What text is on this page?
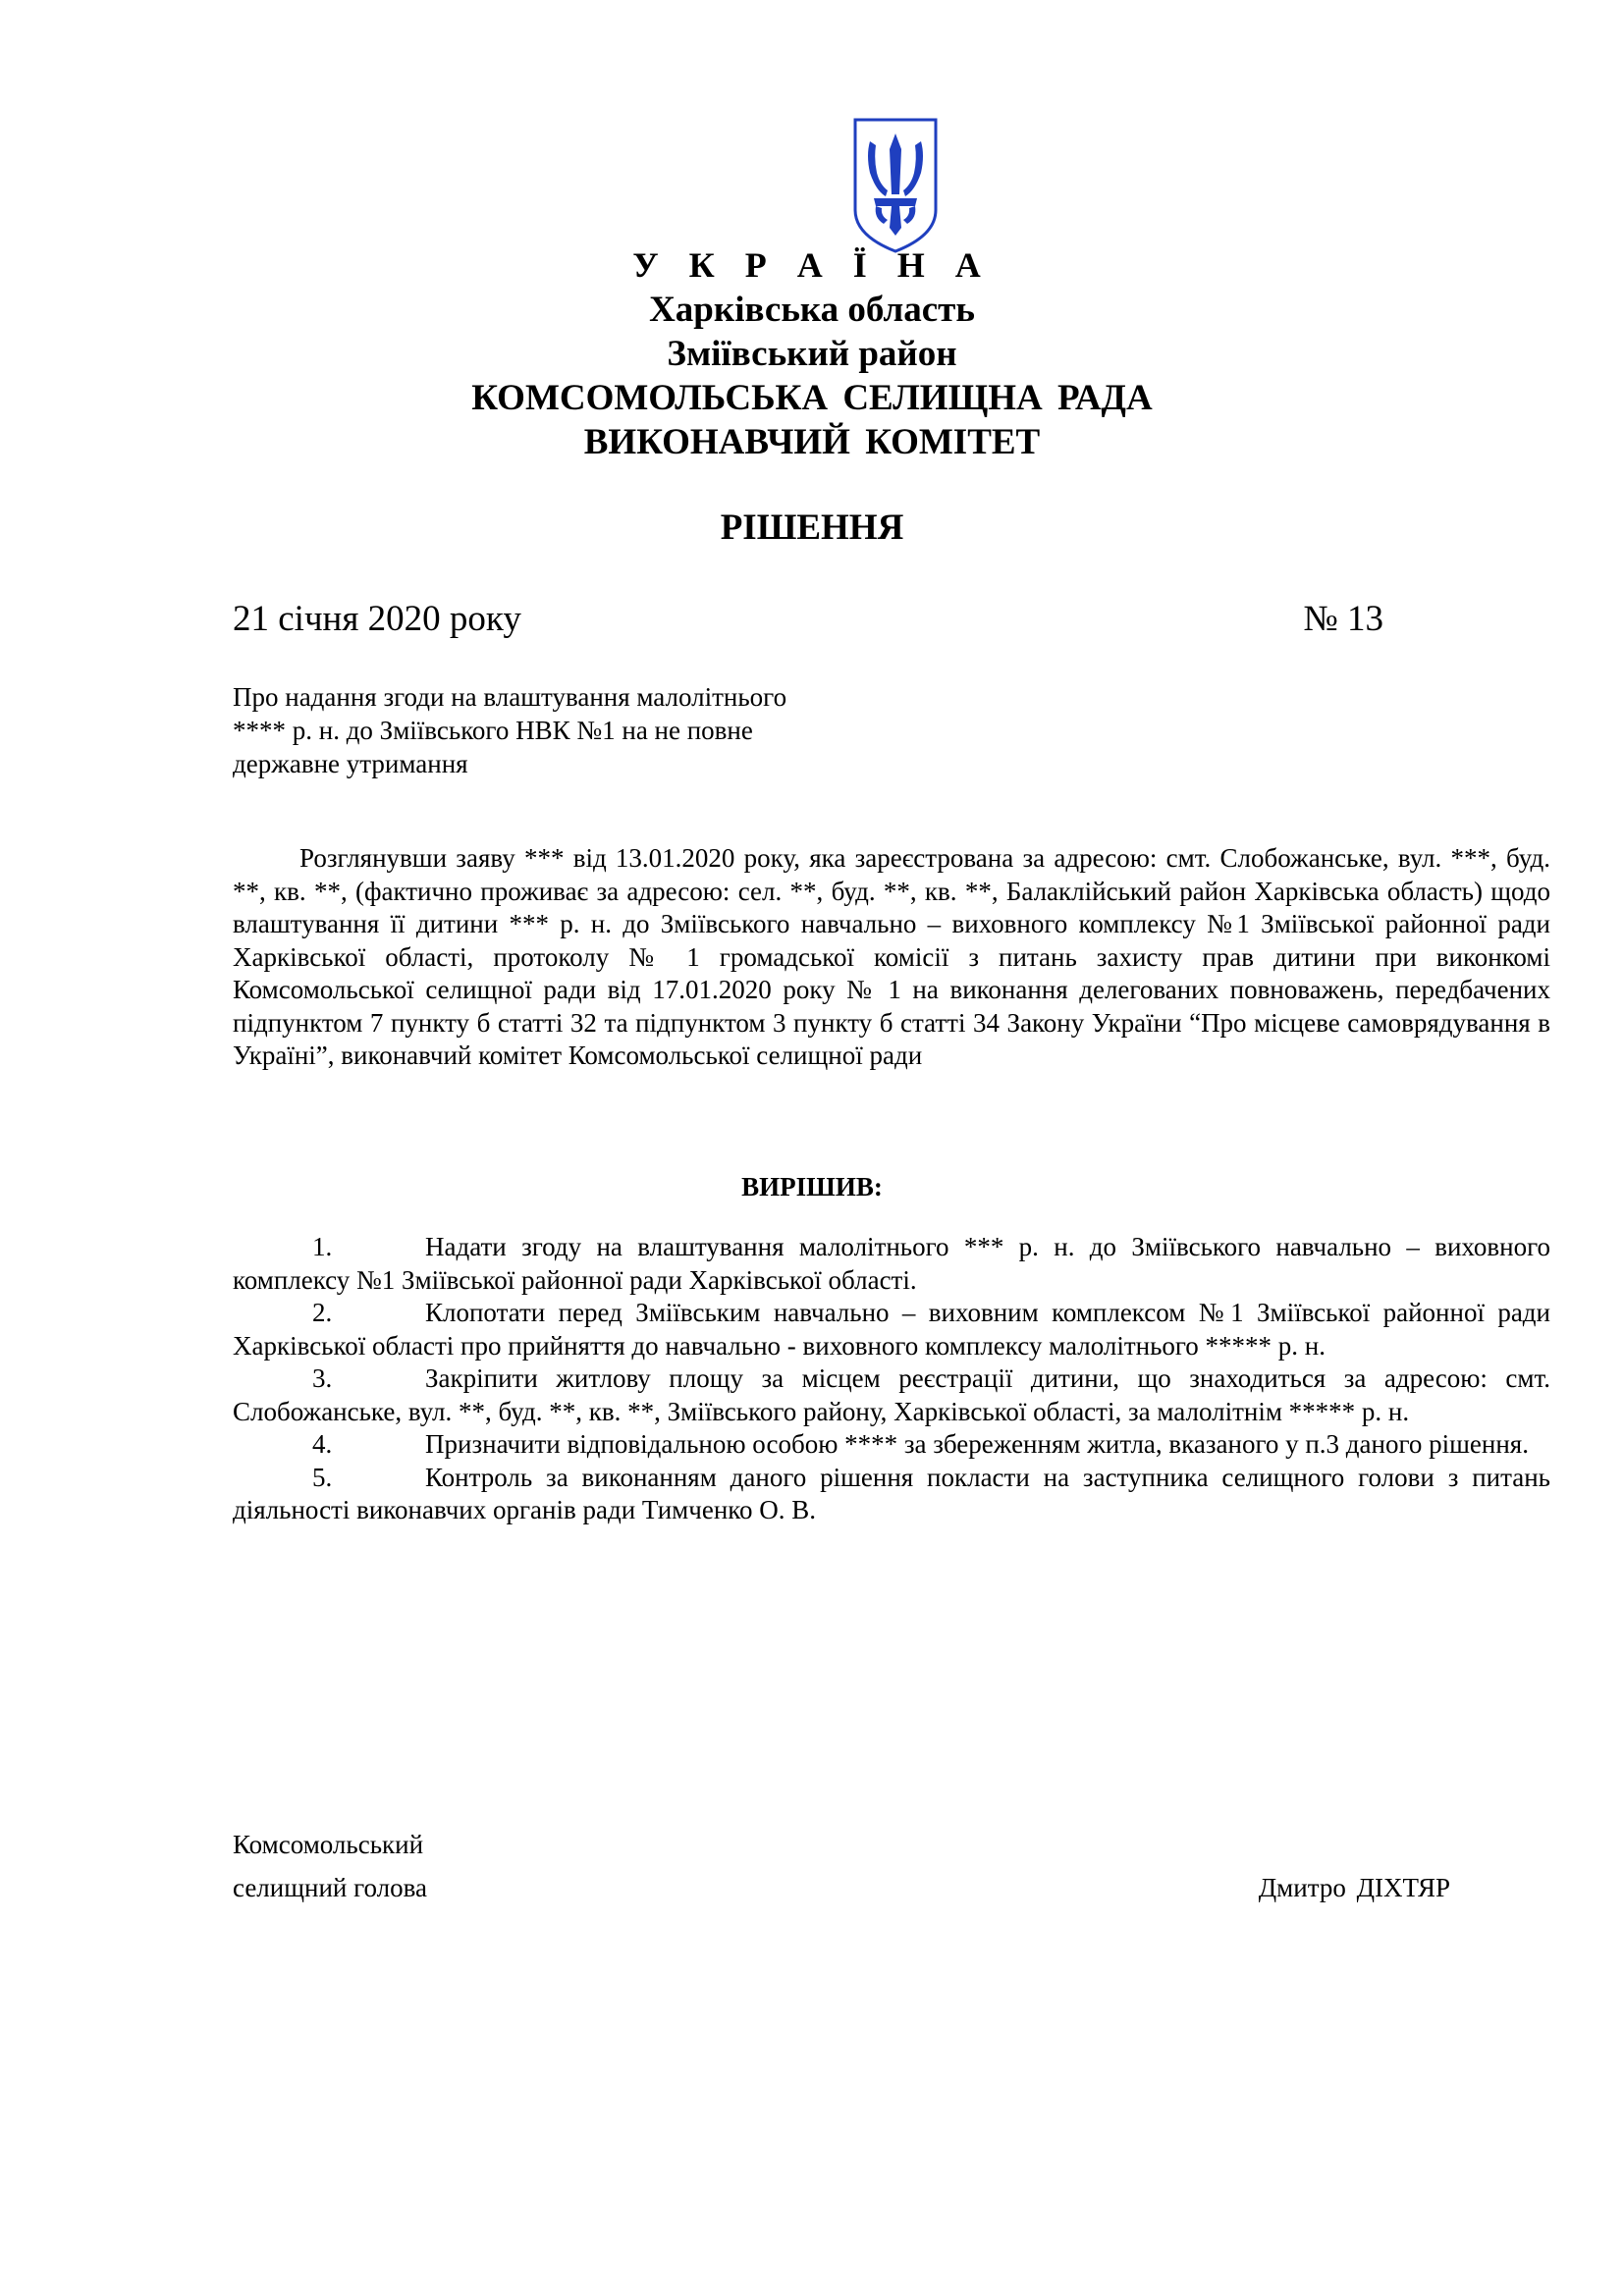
У К Р А Ї Н А
Харківська область
Зміївський район
КОМСОМОЛЬСЬКА СЕЛИЩНА РАДА
ВИКОНАВЧИЙ КОМІТЕТ
РІШЕННЯ
21 січня 2020 року	№ 13
Про надання згоди на влаштування малолітнього
**** р. н. до Зміївського НВК №1 на не повне
державне утримання
Розглянувши заяву *** від 13.01.2020 року, яка зареєстрована за адресою: смт. Слобожанське, вул. ***, буд. **, кв. **, (фактично проживає за адресою: сел. **, буд. **, кв. **, Балаклійський район Харківська область) щодо влаштування її дитини *** р. н. до Зміївського навчально – виховного комплексу №1 Зміївської районної ради Харківської області, протоколу № 1 громадської комісії з питань захисту прав дитини при виконкомі Комсомольської селищної ради від 17.01.2020 року № 1 на виконання делегованих повноважень, передбачених підпунктом 7 пункту б статті 32 та підпунктом 3 пункту б статті 34 Закону України “Про місцеве самоврядування в Україні”, виконавчий комітет Комсомольської селищної ради
ВИРІШИВ:
1.	Надати згоду на влаштування малолітнього *** р. н. до Зміївського навчально – виховного комплексу №1 Зміївської районної ради Харківської області.
2.	Клопотати перед Зміївським навчально – виховним комплексом №1 Зміївської районної ради Харківської області про прийняття до навчально - виховного комплексу малолітнього ***** р. н.
3.	Закріпити житлову площу за місцем реєстрації дитини, що знаходиться за адресою: смт. Слобожанське, вул. **, буд. **, кв. **, Зміївського району, Харківської області, за малолітнім ***** р. н.
4.	Призначити відповідальною особою **** за збереженням житла, вказаного у п.3 даного рішення.
5.	Контроль за виконанням даного рішення покласти на заступника селищного голови з питань діяльності виконавчих органів ради Тимченко О. В.
Комсомольський
селищний голова	Дмитро ДІХТЯР
